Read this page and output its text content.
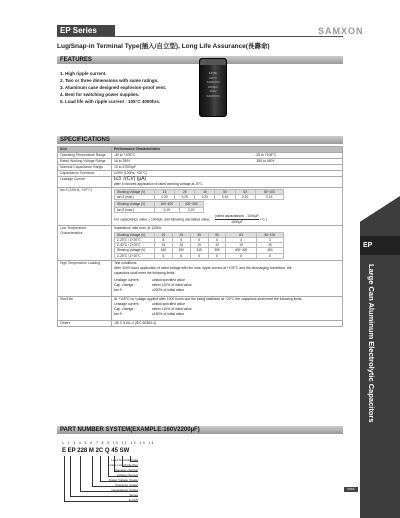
EP Series	SAMXON
Lug/Snap-in Terminal Type(插入/自立型), Long Life Assurance(長壽命)
FEATURES
1. High ripple current.
2. Two or three dimensions with same ratings.
3. Aluminum case designed explosion-proof vent.
4. Best for switching power supplies.
5. Load life with ripple current : 105°C 4000hrs.
EP(M)
105°C
SAMXON
2200µF
160V
SAMXON
SPECIFICATIONS
Item	Performance Characteristics
Operating Temperature Range	-40 to +105°C	-25 to +105°C
Rated Working Voltage Range	16 to 250V	350 to 450V
Nominal Capacitance Range	10 to 47000µF
Capacitance Tolerance	±20% (120Hz, +20°C)
Leakage Current	I≤3 √(CV) (µA)
after 5 minutes application of rated working voltage at 20°C

tan δ (120Hz, +20°C)		Working Voltage (V)	16	25	35	50	63	80~100
tan δ (max.)	0.30	0.25	0.20	0.15	0.20	0.15
Working Voltage (V)	160~400	420~450
tan δ (max.)	0.15	0.20
For capacitance value > 1000µF, add following calculated value:
(rated capacitance) - 1000µF
1000µF
× 0.1

Low Temperature Characteristics	
Impedance ratio max. at 120Hz
Working Voltage (V)	16	25	35	50	63	80~100
Z-25°C / Z+20°C	8	6	6	6	4	3
Z-40°C / Z+20°C	15	15	15	10	10	15
Working Voltage (V)	160	250	315	350	400~420	450
Z-25°C / Z+20°C	6	6	6	6	6	6

High Temperature Loading	Test conditions
After 3000 hours application of rated voltage with the max. ripple current at +105°C and the discharging conditions, the
capacitors shall meet the following limits:
Leakage current :	≤initial specified value
Cap. change :	within ±20% of initial value
tan δ :	≤200% of initial value

Shelf life	At +105°C no voltage applied after 1000 hours and the being stabilized at +20°C the capacitors shall meet the following limits
Leakage current :	≤initial specified value
Cap. change :	within ±15% of initial value
tan δ :	≤150% of initial value

Others	JIS C 5101-4 (IEC 60384-4)
PART NUMBER SYSTEM(EXAMPLE:160V2200µF)
1 2 3 4 5 6 7 8 9 10 11 12 13 14
E EP 228 M 2C Q 45 SW
Lead Terminal Code
Case Length Number
Diameter (Series)
Voltage (Series)
Rated Voltage (Code)
Tolerance (Code)
Capacitance (Code)
Series
E-CAP
EP
Large Can Aluminum Electrolytic Capacitors
001B
